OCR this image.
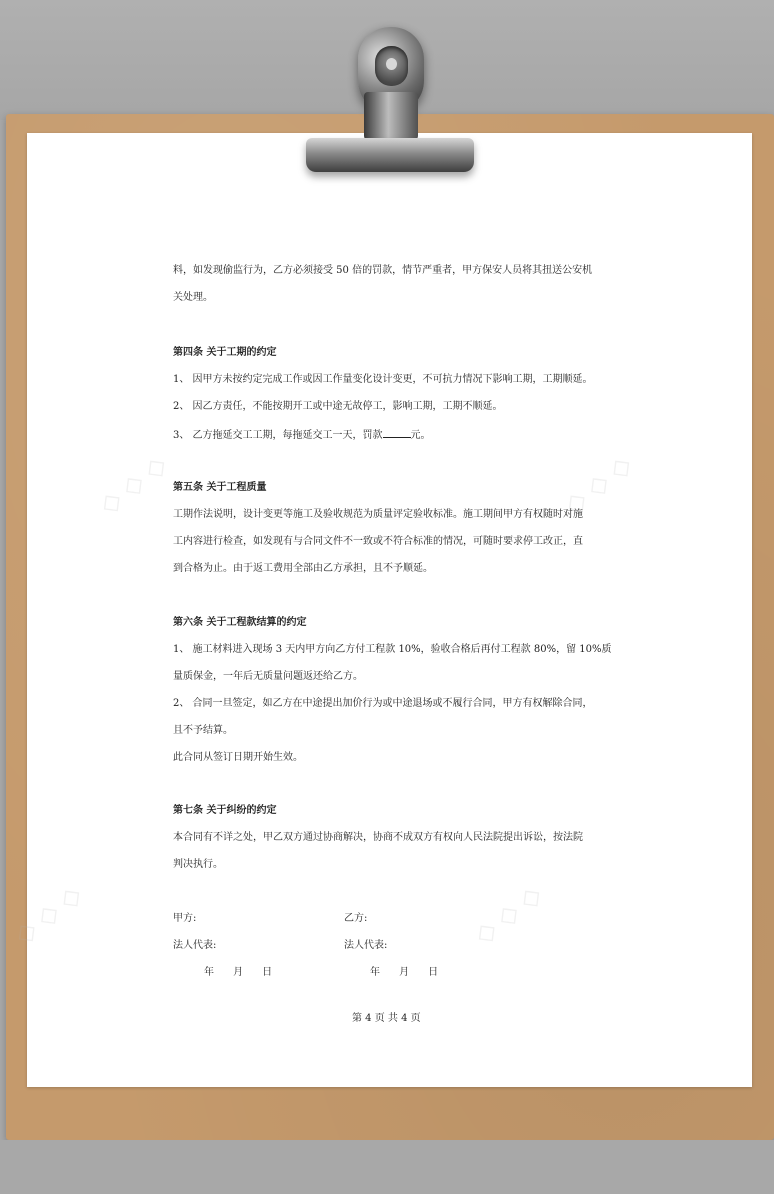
◇ ◇ ◇	◇ ◇ ◇
◇ ◇ ◇	◇ ◇ ◇
料，如发现偷监行为，乙方必须接受 50 倍的罚款，情节严重者，甲方保安人员将其扭送公安机
关处理。
第四条 关于工期的约定
1、 因甲方未按约定完成工作或因工作量变化设计变更，不可抗力情况下影响工期，工期顺延。
2、 因乙方责任，不能按期开工或中途无故停工，影响工期，工期不顺延。
3、 乙方拖延交工工期，每拖延交工一天，罚款	元。
第五条 关于工程质量
工期作法说明，设计变更等施工及验收规范为质量评定验收标准。施工期间甲方有权随时对施
工内容进行检查，如发现有与合同文件不一致或不符合标准的情况，可随时要求停工改正，直
到合格为止。由于返工费用全部由乙方承担，且不予顺延。
第六条 关于工程款结算的约定
1、 施工材料进入现场 3 天内甲方向乙方付工程款 10%，验收合格后再付工程款 80%，留 10%质
量质保金，一年后无质量问题返还给乙方。
2、 合同一旦签定，如乙方在中途提出加价行为或中途退场或不履行合同，甲方有权解除合同，
且不予结算。
此合同从签订日期开始生效。
第七条 关于纠纷的约定
本合同有不详之处，甲乙双方通过协商解决，协商不成双方有权向人民法院提出诉讼，按法院
判决执行。
甲方:	乙方:
法人代表:	法人代表:
年      月      日	年      月      日
第 4 页 共 4 页
